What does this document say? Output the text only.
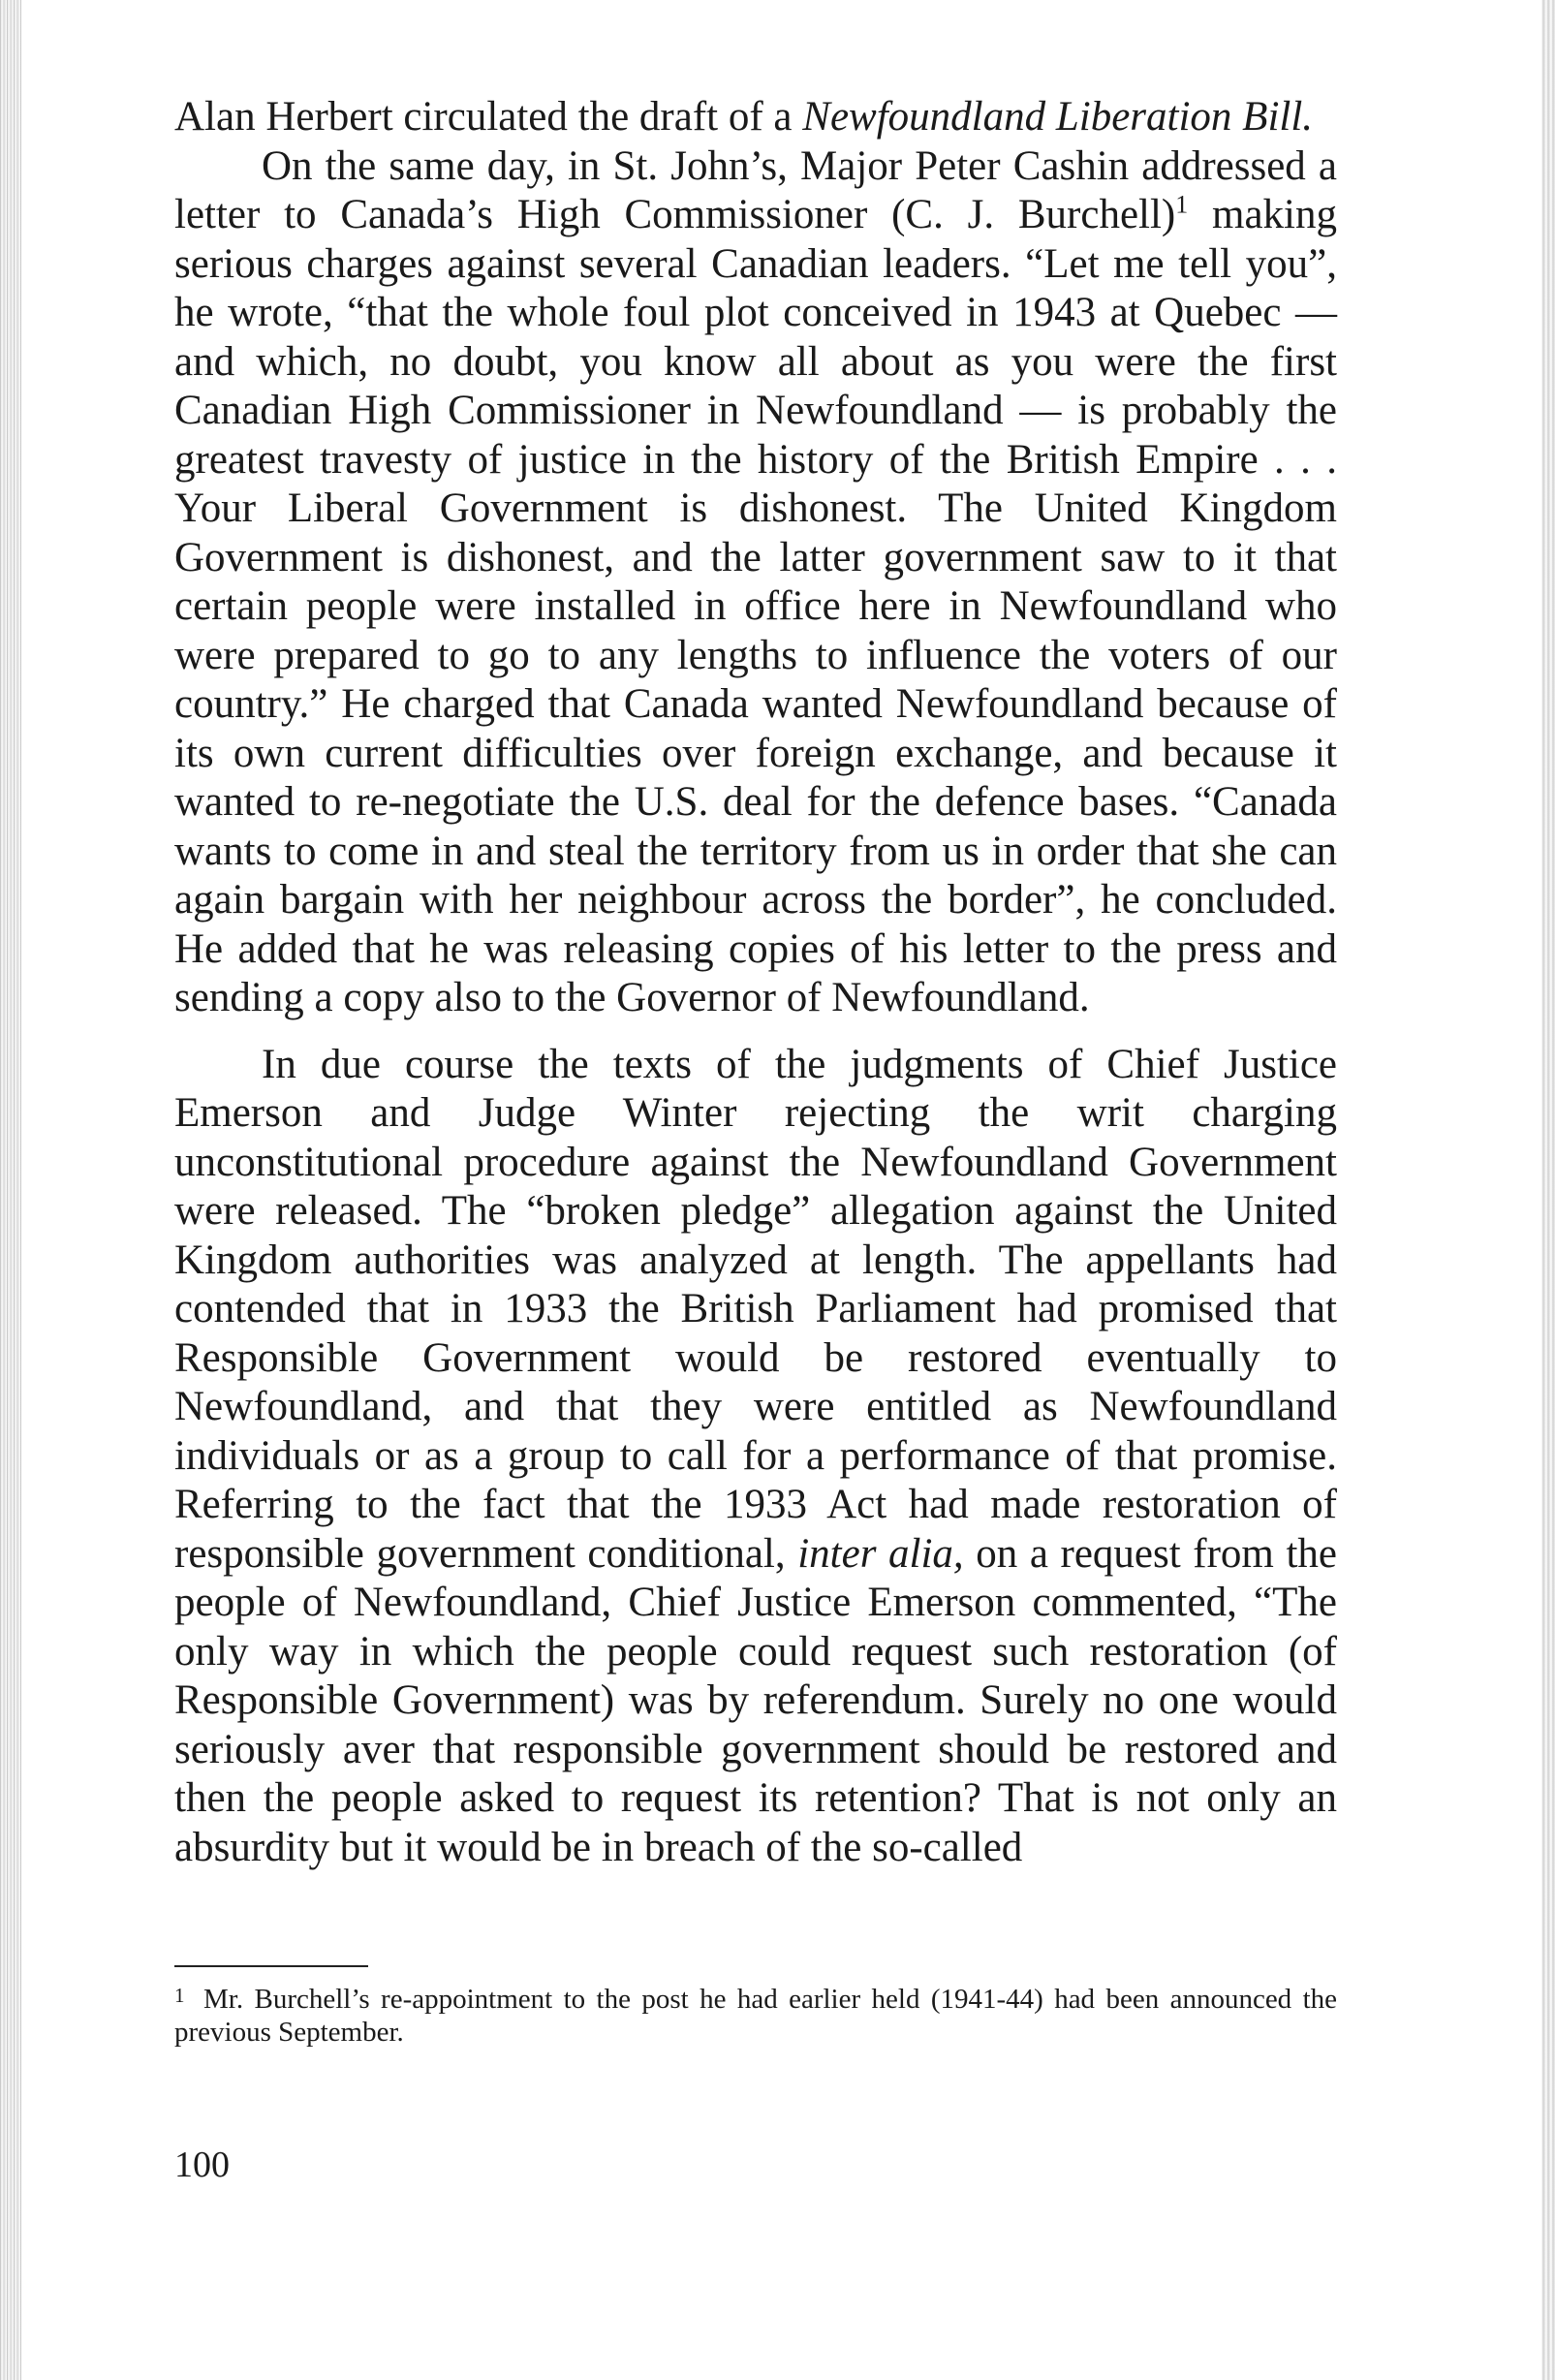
Alan Herbert circulated the draft of a Newfoundland Liberation Bill.

On the same day, in St. John’s, Major Peter Cashin addressed a letter to Canada’s High Commissioner (C. J. Burchell)$^1$ making serious charges against several Canadian leaders. “Let me tell you”, he wrote, “that the whole foul plot conceived in 1943 at Quebec — and which, no doubt, you know all about as you were the first Canadian High Commissioner in Newfoundland — is probably the greatest travesty of justice in the history of the British Empire . . . Your Liberal Government is dishonest. The United Kingdom Government is dishonest, and the latter government saw to it that certain people were installed in office here in Newfoundland who were prepared to go to any lengths to influence the voters of our country.” He charged that Canada wanted Newfoundland because of its own current difficulties over foreign exchange, and because it wanted to re-negotiate the U.S. deal for the defence bases. “Canada wants to come in and steal the territory from us in order that she can again bargain with her neighbour across the border”, he concluded. He added that he was releasing copies of his letter to the press and sending a copy also to the Governor of Newfoundland.

In due course the texts of the judgments of Chief Justice Emerson and Judge Winter rejecting the writ charging unconstitutional procedure against the Newfoundland Government were released. The “broken pledge” allegation against the United Kingdom authorities was analyzed at length. The appellants had contended that in 1933 the British Parliament had promised that Responsible Government would be restored eventually to Newfoundland, and that they were entitled as Newfoundland individuals or as a group to call for a performance of that promise. Referring to the fact that the 1933 Act had made restoration of responsible government conditional, inter alia, on a request from the people of Newfoundland, Chief Justice Emerson commented, “The only way in which the people could request such restoration (of Responsible Government) was by referendum. Surely no one would seriously aver that responsible government should be restored and then the people asked to request its retention? That is not only an absurdity but it would be in breach of the so-called

1 Mr. Burchell’s re-appointment to the post he had earlier held (1941-44) had been announced the previous September.
100
